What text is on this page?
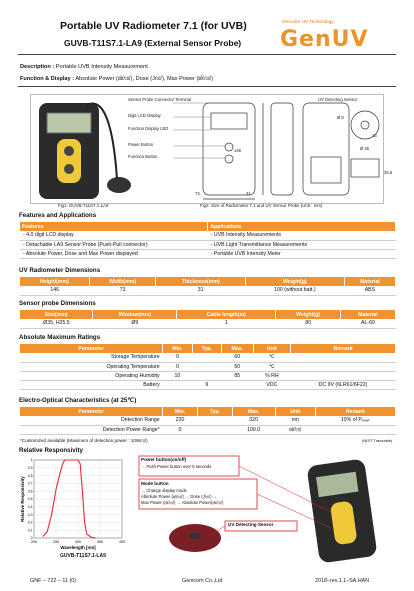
Portable UV Radiometer 7.1 (for UVB)
GUVB-T11S7.1-LA9 (External Sensor Probe)
Genuine UV Technology
GenUV
Description : Portable UVB Intensity Measurement
Function & Display : Absolute Power (㎽/㎠), Dose (J/㎠), Max Power (㎽/㎠)
Sensor Probe Connector Terminal
Digit LCD Display
Function Display LED
Power Button
Function Button
UV Detecting Sensor
73
146
31
25.5
13
Ø 9
Ø 35
Fig1. GUVB-T11S7.1-LA9	Fig2. Size of Radiometer 7.1 and UV Sensor Probe (Unit : mm)
Features and Applications
Features	Applications
- 4.0 digit LCD display	- UVB Intensity Measurements
- Detachable LA9 Sensor Probe (Push-Pull connector)	- UVB Light Transmittance Measurements
- Absolute Power, Dose and Max Power displayed	- Portable UVB Intensity Meter
UV Radiometer Dimensions
Height(mm)	Width(mm)	Thickness(mm)	Weight(g)	Material
146	73	31	100 (without batt.)	ABS
Sensor probe Dimensions
Size(mm)	Window(mm)	Cable length(m)	Weight(g)	Material
Ø35, H25.5	Ø9	1	80	AL-60
Absolute Maximum Ratings
Parameter	Min.	Typ.	Max.	Unit	Remark
Storage Temperature	0		60	℃	
Operating Temperature	0		50	℃	
Operating Humidity	10		85	% RH	
Battery		9		VDC	DC 9V (6LR61/6F22)
Electro-Optical Characteristics (at 25℃)
Parameter	Min.	Typ.	Max.	Unit	Remark
Detection Range	220		320	nm	10% of Pₚₑₐₖ
Detection Power Range*	0		100.0	㎽/㎠	
*Customized available (Maximum of detection power : 10W/㎠)	(NIST Traceable)
Relative Responsivity
200	250	300	350	400
0
0.1
0.2
0.3
0.4
0.5
0.6
0.7
0.8
0.9
1
Wavelength [nm]
Relative Responsivity
GUVB-T11S7.1-LA9
Power button(on/off)
→ Push Power button over 5 seconds
Mode button
→ Change display mode
Absolute Power (㎽/㎠) → Dose (J/㎠) →
Max Power (㎽/㎠) → Absolute Power(㎽/㎠)
UV Detecting Sensor
GNF – 722 – 11 (0)	Genicom Co.,Ltd	2018–rev.1.1–SA.HAN
